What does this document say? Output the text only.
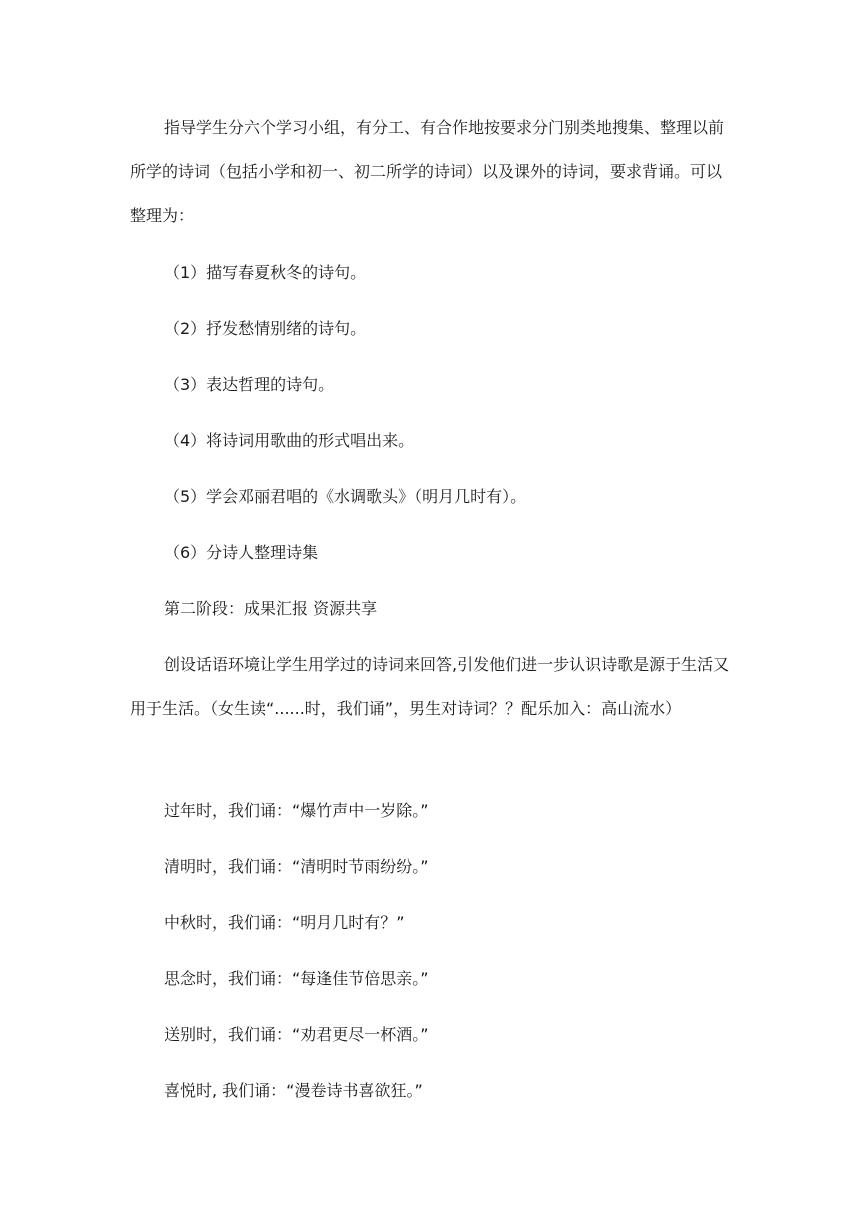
指导学生分六个学习小组，有分工、有合作地按要求分门别类地搜集、整理以前所学的诗词（包括小学和初一、初二所学的诗词）以及课外的诗词，要求背诵。可以整理为：

（1）描写春夏秋冬的诗句。

（2）抒发愁情别绪的诗句。

（3）表达哲理的诗句。

（4）将诗词用歌曲的形式唱出来。

（5）学会邓丽君唱的《水调歌头》（明月几时有）。

（6）分诗人整理诗集

第二阶段：成果汇报 资源共享

创设话语环境让学生用学过的诗词来回答,引发他们进一步认识诗歌是源于生活又用于生活。（女生读“......时，我们诵”，男生对诗词？？配乐加入：高山流水）

过年时，我们诵：“爆竹声中一岁除。”

清明时，我们诵：“清明时节雨纷纷。”

中秋时，我们诵：“明月几时有？”

思念时，我们诵：“每逢佳节倍思亲。”

送别时，我们诵：“劝君更尽一杯酒。”

喜悦时, 我们诵：“漫卷诗书喜欲狂。”
